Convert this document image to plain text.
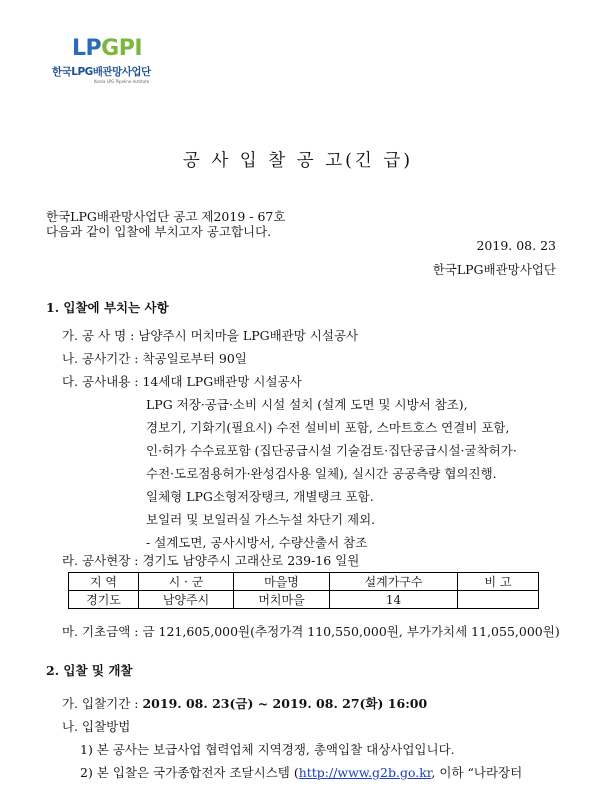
LPGPI
한국LPG배관망사업단
Korea LPG Pipeline Institute
공 사 입 찰 공 고(긴 급)
한국LPG배관망사업단 공고 제2019 - 67호
다음과 같이 입찰에 부치고자 공고합니다.
2019. 08. 23
한국LPG배관망사업단
1. 입찰에 부치는 사항
가. 공 사 명 : 남양주시 머치마을 LPG배관망 시설공사
나. 공사기간 : 착공일로부터 90일
다. 공사내용 : 14세대 LPG배관망 시설공사
LPG 저장·공급·소비 시설 설치 (설계 도면 및 시방서 참조),
경보기, 기화기(필요시) 수전 설비비 포함, 스마트호스 연결비 포함,
인·허가 수수료포함 (집단공급시설 기술검토·집단공급시설·굴착허가·
수전·도로점용허가·완성검사용 일체), 실시간 공공측량 협의진행.
일체형 LPG소형저장탱크, 개별탱크 포함.
보일러 및 보일러실 가스누설 차단기 제외.
- 설계도면, 공사시방서, 수량산출서 참조
라. 공사현장 : 경기도 남양주시 고래산로 239-16 일원
지 역	시 · 군	마을명	설계가구수	비 고
경기도	남양주시	머치마을	14	
마. 기초금액 : 금 121,605,000원(추정가격 110,550,000원, 부가가치세 11,055,000원)
2. 입찰 및 개찰
가. 입찰기간 : 2019. 08. 23(금) ~ 2019. 08. 27(화) 16:00
나. 입찰방법
1) 본 공사는 보급사업 협력업체 지역경쟁, 총액입찰 대상사업입니다.
2) 본 입찰은 국가종합전자 조달시스템 (http://www.g2b.go.kr, 이하 “나라장터
